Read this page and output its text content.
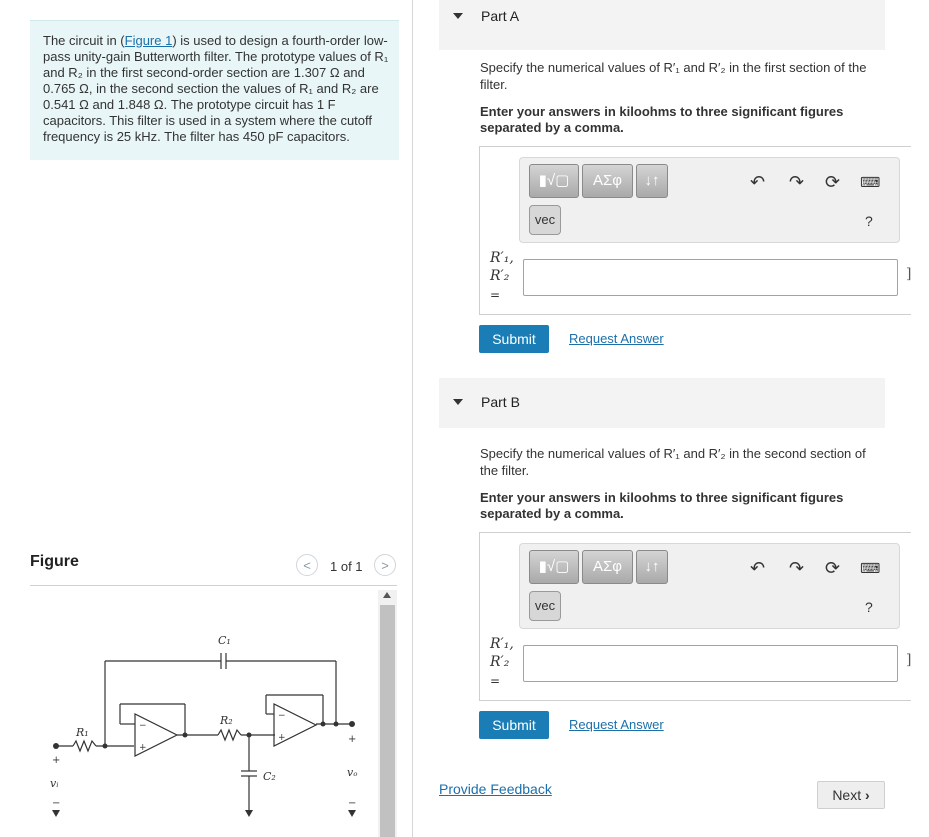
The circuit in (Figure 1) is used to design a fourth-order low-pass unity-gain Butterworth filter. The prototype values of R₁ and R₂ in the first second-order section are 1.307 Ω and 0.765 Ω, in the second section the values of R₁ and R₂ are 0.541 Ω and 1.848 Ω. The prototype circuit has 1 F capacitors. This filter is used in a system where the cutoff frequency is 25 kHz. The filter has 450 pF capacitors.
Figure	<	1 of 1	>
C₁
C₂
R₁
R₂
vᵢ
vₒ
+
−
+
−
−
+
−
+
Part A
Specify the numerical values of R′₁ and R′₂ in the first section of the filter.
Enter your answers in kiloohms to three significant figures separated by a comma.
▮√▢	ΑΣφ	↓↑
vec
↶ ↷ ⟳ ⌨
?
R′₁,
R′₂
=
]
Submit	Request Answer
Part B
Specify the numerical values of R′₁ and R′₂ in the second section of the filter.
Enter your answers in kiloohms to three significant figures separated by a comma.
▮√▢	ΑΣφ	↓↑
vec
↶ ↷ ⟳ ⌨
?
R′₁,
R′₂
=
]
Submit	Request Answer
Provide Feedback	Next ›
